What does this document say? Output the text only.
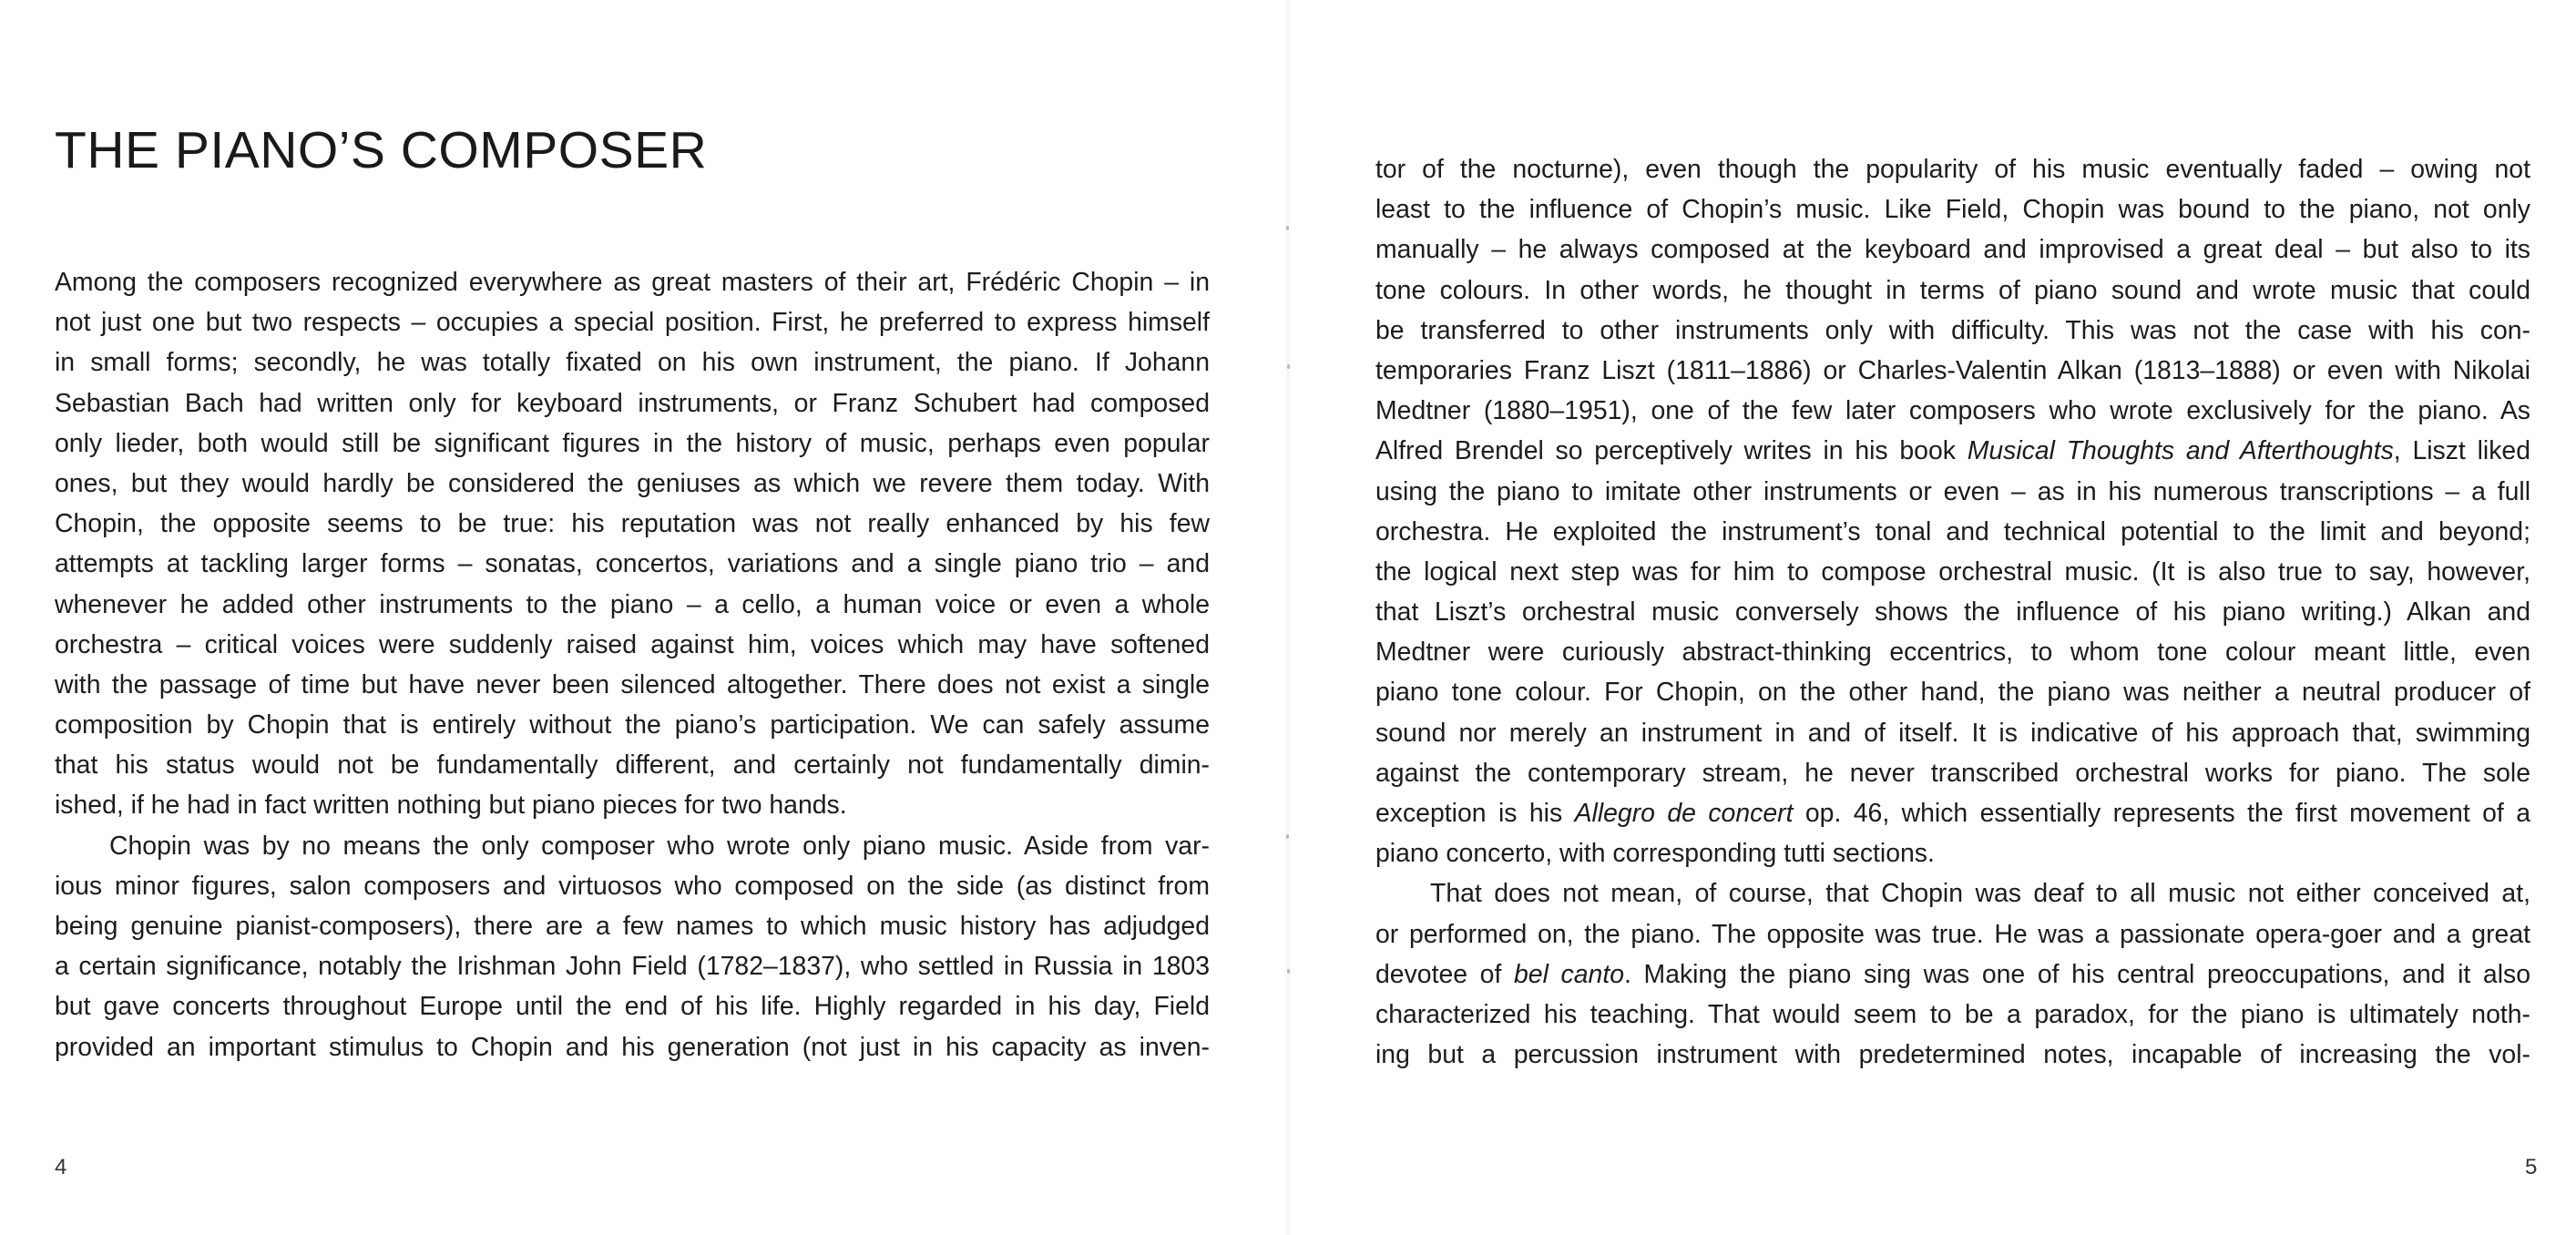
THE PIANO’S COMPOSER
Among the composers recognized everywhere as great masters of their art, Frédéric Chopin – in
not just one but two respects – occupies a special position. First, he preferred to express himself
in small forms; secondly, he was totally fixated on his own instrument, the piano. If Johann
Sebastian Bach had written only for keyboard instruments, or Franz Schubert had composed
only lieder, both would still be significant figures in the history of music, perhaps even popular
ones, but they would hardly be considered the geniuses as which we revere them today. With
Chopin, the opposite seems to be true: his reputation was not really enhanced by his few
attempts at tackling larger forms – sonatas, concertos, variations and a single piano trio – and
whenever he added other instruments to the piano – a cello, a human voice or even a whole
orchestra – critical voices were suddenly raised against him, voices which may have softened
with the passage of time but have never been silenced altogether. There does not exist a single
composition by Chopin that is entirely without the piano’s participation. We can safely assume
that his status would not be fundamentally different, and certainly not fundamentally dimin-
ished, if he had in fact written nothing but piano pieces for two hands.
Chopin was by no means the only composer who wrote only piano music. Aside from var-
ious minor figures, salon composers and virtuosos who composed on the side (as distinct from
being genuine pianist-composers), there are a few names to which music history has adjudged
a certain significance, notably the Irishman John Field (1782–1837), who settled in Russia in 1803
but gave concerts throughout Europe until the end of his life. Highly regarded in his day, Field
provided an important stimulus to Chopin and his generation (not just in his capacity as inven-
4
tor of the nocturne), even though the popularity of his music eventually faded – owing not
least to the influence of Chopin’s music. Like Field, Chopin was bound to the piano, not only
manually – he always composed at the keyboard and improvised a great deal – but also to its
tone colours. In other words, he thought in terms of piano sound and wrote music that could
be transferred to other instruments only with difficulty. This was not the case with his con-
temporaries Franz Liszt (1811–1886) or Charles-Valentin Alkan (1813–1888) or even with Nikolai
Medtner (1880–1951), one of the few later composers who wrote exclusively for the piano. As
Alfred Brendel so perceptively writes in his book Musical Thoughts and Afterthoughts, Liszt liked
using the piano to imitate other instruments or even – as in his numerous transcriptions – a full
orchestra. He exploited the instrument’s tonal and technical potential to the limit and beyond;
the logical next step was for him to compose orchestral music. (It is also true to say, however,
that Liszt’s orchestral music conversely shows the influence of his piano writing.) Alkan and
Medtner were curiously abstract-thinking eccentrics, to whom tone colour meant little, even
piano tone colour. For Chopin, on the other hand, the piano was neither a neutral producer of
sound nor merely an instrument in and of itself. It is indicative of his approach that, swimming
against the contemporary stream, he never transcribed orchestral works for piano. The sole
exception is his Allegro de concert op. 46, which essentially represents the first movement of a
piano concerto, with corresponding tutti sections.
That does not mean, of course, that Chopin was deaf to all music not either conceived at,
or performed on, the piano. The opposite was true. He was a passionate opera-goer and a great
devotee of bel canto. Making the piano sing was one of his central preoccupations, and it also
characterized his teaching. That would seem to be a paradox, for the piano is ultimately noth-
ing but a percussion instrument with predetermined notes, incapable of increasing the vol-
5
